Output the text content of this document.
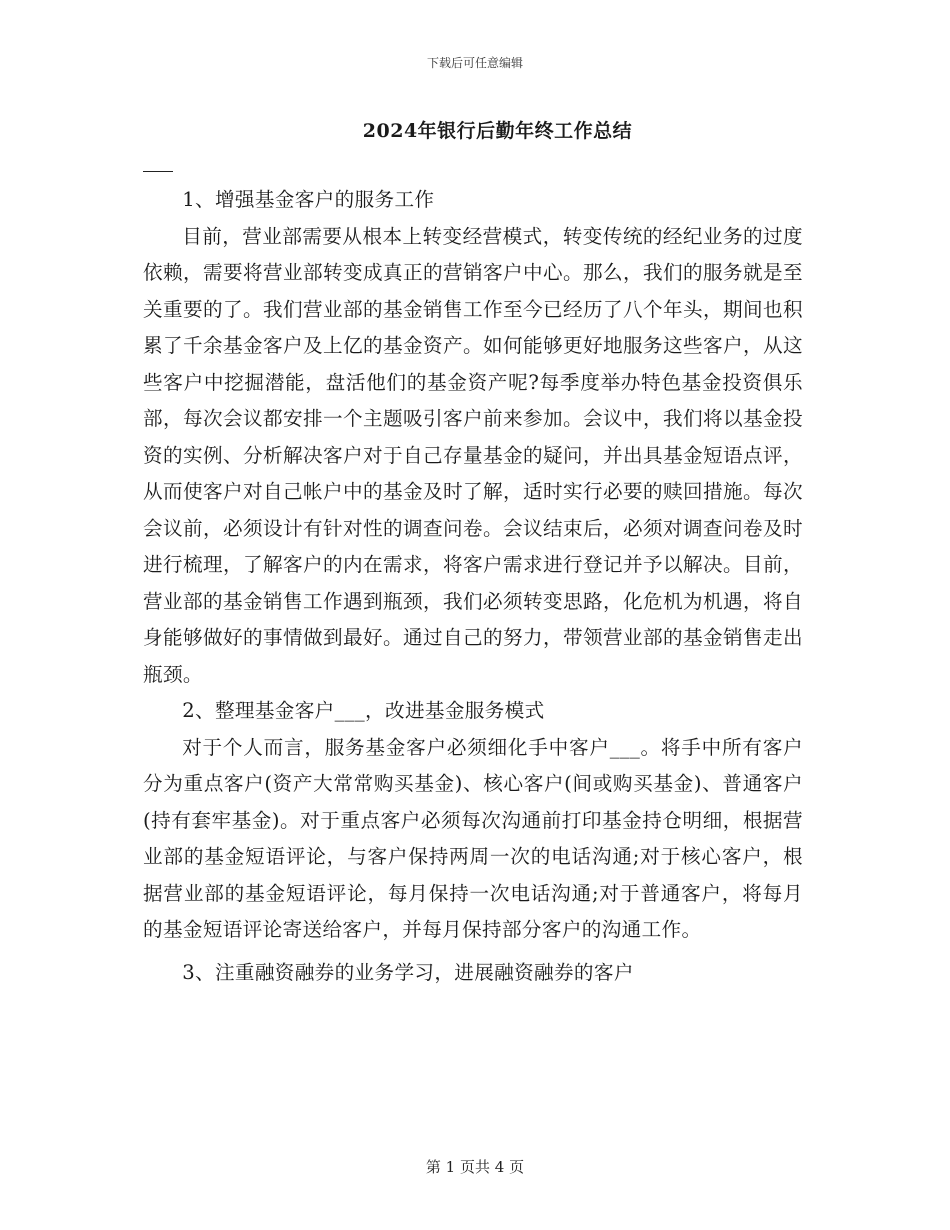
下载后可任意编辑
2024年银行后勤年终工作总结

1、增强基金客户的服务工作

目前，营业部需要从根本上转变经营模式，转变传统的经纪业务的过度依赖，需要将营业部转变成真正的营销客户中心。那么，我们的服务就是至关重要的了。我们营业部的基金销售工作至今已经历了八个年头，期间也积累了千余基金客户及上亿的基金资产。如何能够更好地服务这些客户，从这些客户中挖掘潜能，盘活他们的基金资产呢?每季度举办特色基金投资俱乐部，每次会议都安排一个主题吸引客户前来参加。会议中，我们将以基金投资的实例、分析解决客户对于自己存量基金的疑问，并出具基金短语点评，从而使客户对自己帐户中的基金及时了解，适时实行必要的赎回措施。每次会议前，必须设计有针对性的调查问卷。会议结束后，必须对调查问卷及时进行梳理，了解客户的内在需求，将客户需求进行登记并予以解决。目前，营业部的基金销售工作遇到瓶颈，我们必须转变思路，化危机为机遇，将自身能够做好的事情做到最好。通过自己的努力，带领营业部的基金销售走出瓶颈。

2、整理基金客户___，改进基金服务模式

对于个人而言，服务基金客户必须细化手中客户___。将手中所有客户分为重点客户(资产大常常购买基金)、核心客户(间或购买基金)、普通客户(持有套牢基金)。对于重点客户必须每次沟通前打印基金持仓明细，根据营业部的基金短语评论，与客户保持两周一次的电话沟通;对于核心客户，根据营业部的基金短语评论，每月保持一次电话沟通;对于普通客户，将每月的基金短语评论寄送给客户，并每月保持部分客户的沟通工作。

3、注重融资融券的业务学习，进展融资融券的客户

第 1 页共 4 页
